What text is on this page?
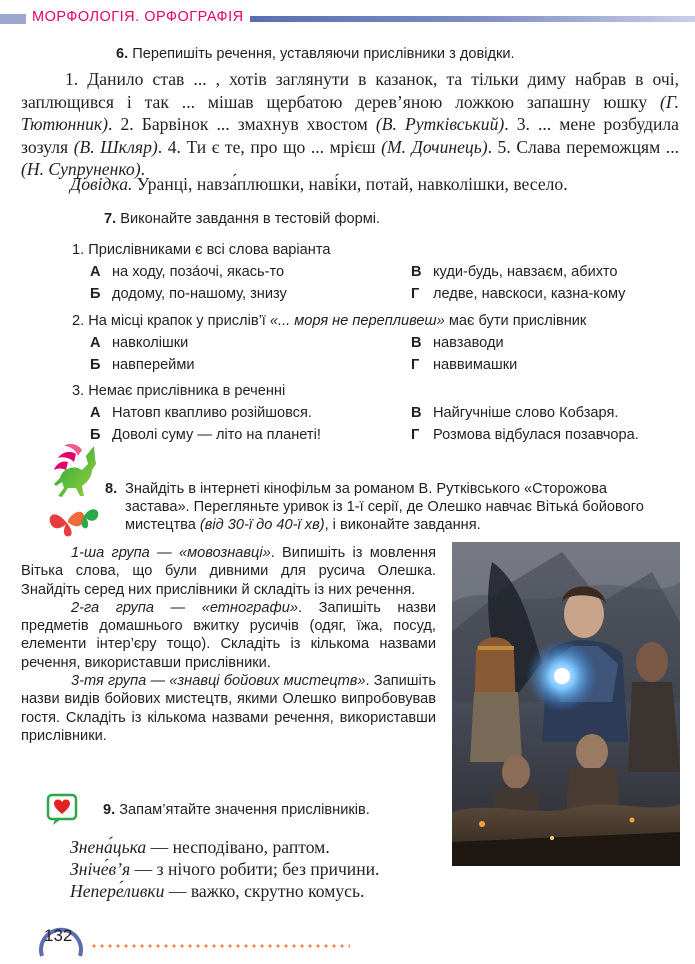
МОРФОЛОГІЯ. ОРФОГРАФІЯ
6. Перепишіть речення, уставляючи прислівники з довідки.
1. Данило став ... , хотів заглянути в казанок, та тільки диму набрав в очі, заплющився і так ... мішав щербатою дерев’яною ложкою запашну юшку (Г. Тютюнник). 2. Барвінок ... змахнув хвостом (В. Рутківський). 3. ... мене розбудила зозуля (В. Шкляр). 4. Ти є те, про що ... мрієш (М. Дочинець). 5. Слава переможцям ... (Н. Супруненко).
Довідка. Уранці, навза́плюшки, наві́ки, потай, навколішки, весело.
7. Виконайте завдання в тестовій формі.
1. Прислівниками є всі слова варіанта
А на ходу, поза́очі, якась-то
Б додому, по-нашому, знизу
В куди-будь, навзаєм, абихто
Г ледве, навскоси, казна-кому
2. На місці крапок у прислів’ї «... моря не перепливеш» має бути прислівник
А навколішки
Б навперейми
В навзаводи
Г наввимашки
3. Немає прислівника в реченні
А Натовп квапливо розійшовся.
Б Доволі суму — літо на планеті!
В Найгучніше слово Кобзаря.
Г Розмова відбулася позавчора.
8. Знайдіть в інтернеті кінофільм за романом В. Рутківського «Сторожова застава». Перегляньте уривок із 1-ї серії, де Олешко навчає Вітька́ бойового мистецтва (від 30-ї до 40-ї хв), і виконайте завдання.

1-ша група — «мовознавці». Випишіть із мовлення Вітька слова, що були дивними для русича Олешка. Знайдіть серед них прислівники й складіть із них речення.

2-га група — «етнографи». Запишіть назви предметів домашнього вжитку русичів (одяг, їжа, посуд, елементи інтер’єру тощо). Складіть із кількома назвами речення, використавши прислівники.

3-тя група — «знавці бойових мистецтв». Запишіть назви видів бойових мистецтв, якими Олешко випробовував гостя. Складіть із кількома назвами речення, використавши прислівники.

9. Запам’ятайте значення прислівників.
Знена́цька — несподівано, раптом.
Зніче́в’я — з нічого робити; без причини.
Непере́ливки — важко, скрутно комусь.
132
